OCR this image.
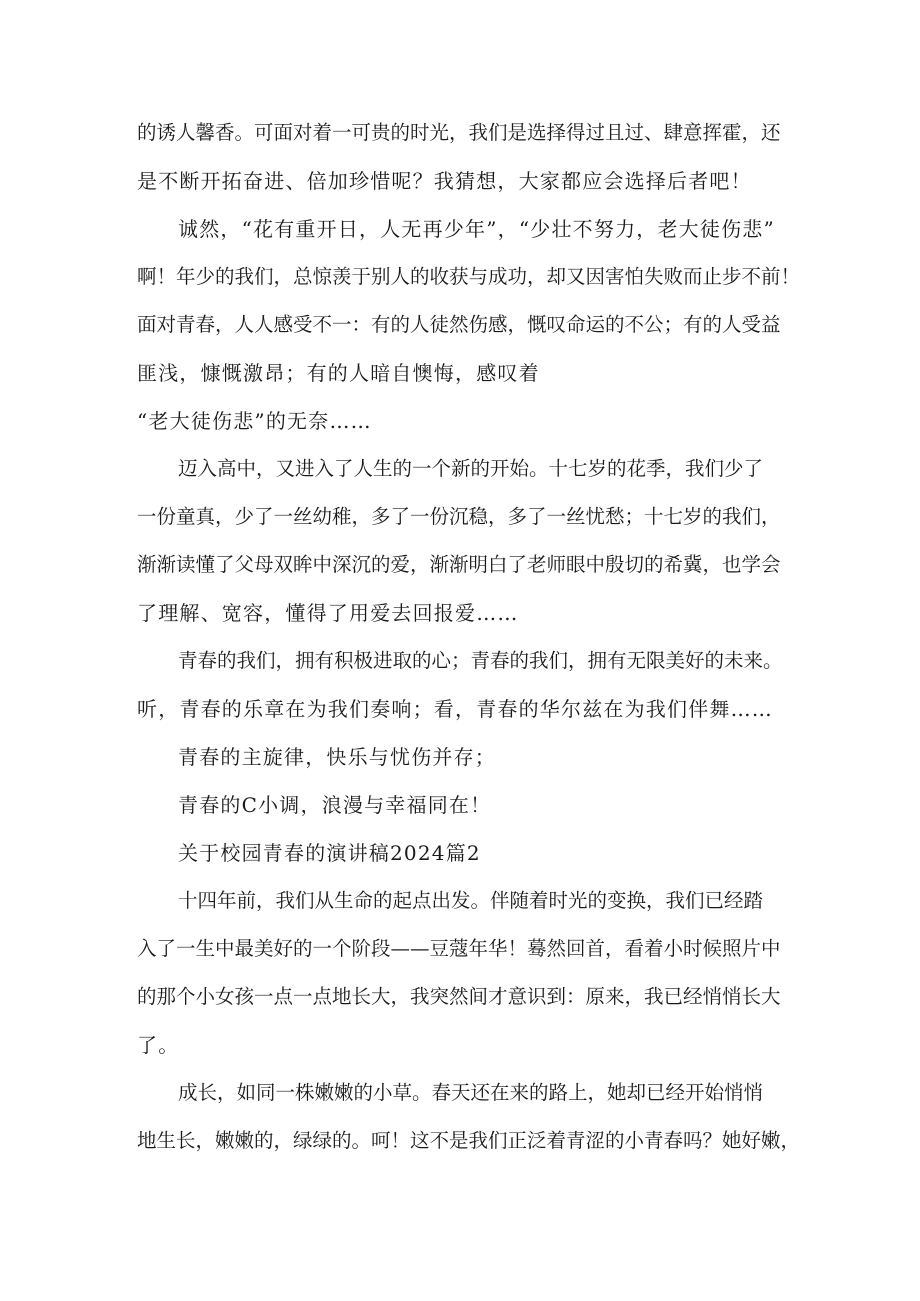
的诱人馨香。可面对着一可贵的时光，我们是选择得过且过、肆意挥霍，还
是不断开拓奋进、倍加珍惜呢？我猜想，大家都应会选择后者吧！
诚然，“花有重开日，人无再少年”，“少壮不努力，老大徒伤悲”
啊！年少的我们，总惊羡于别人的收获与成功，却又因害怕失败而止步不前！
面对青春，人人感受不一：有的人徒然伤感，慨叹命运的不公；有的人受益
匪浅，慷慨激昂；有的人暗自懊悔，感叹着
“老大徒伤悲”的无奈……
迈入高中，又进入了人生的一个新的开始。十七岁的花季，我们少了
一份童真，少了一丝幼稚，多了一份沉稳，多了一丝忧愁；十七岁的我们，
渐渐读懂了父母双眸中深沉的爱，渐渐明白了老师眼中殷切的希冀，也学会
了理解、宽容，懂得了用爱去回报爱……
青春的我们，拥有积极进取的心；青春的我们，拥有无限美好的未来。
听，青春的乐章在为我们奏响；看，青春的华尔兹在为我们伴舞……
青春的主旋律，快乐与忧伤并存；
青春的C小调，浪漫与幸福同在！
关于校园青春的演讲稿2024篇2
十四年前，我们从生命的起点出发。伴随着时光的变换，我们已经踏
入了一生中最美好的一个阶段——豆蔻年华！蓦然回首，看着小时候照片中
的那个小女孩一点一点地长大，我突然间才意识到：原来，我已经悄悄长大
了。
成长，如同一株嫩嫩的小草。春天还在来的路上，她却已经开始悄悄
地生长，嫩嫩的，绿绿的。呵！这不是我们正泛着青涩的小青春吗？她好嫩，
